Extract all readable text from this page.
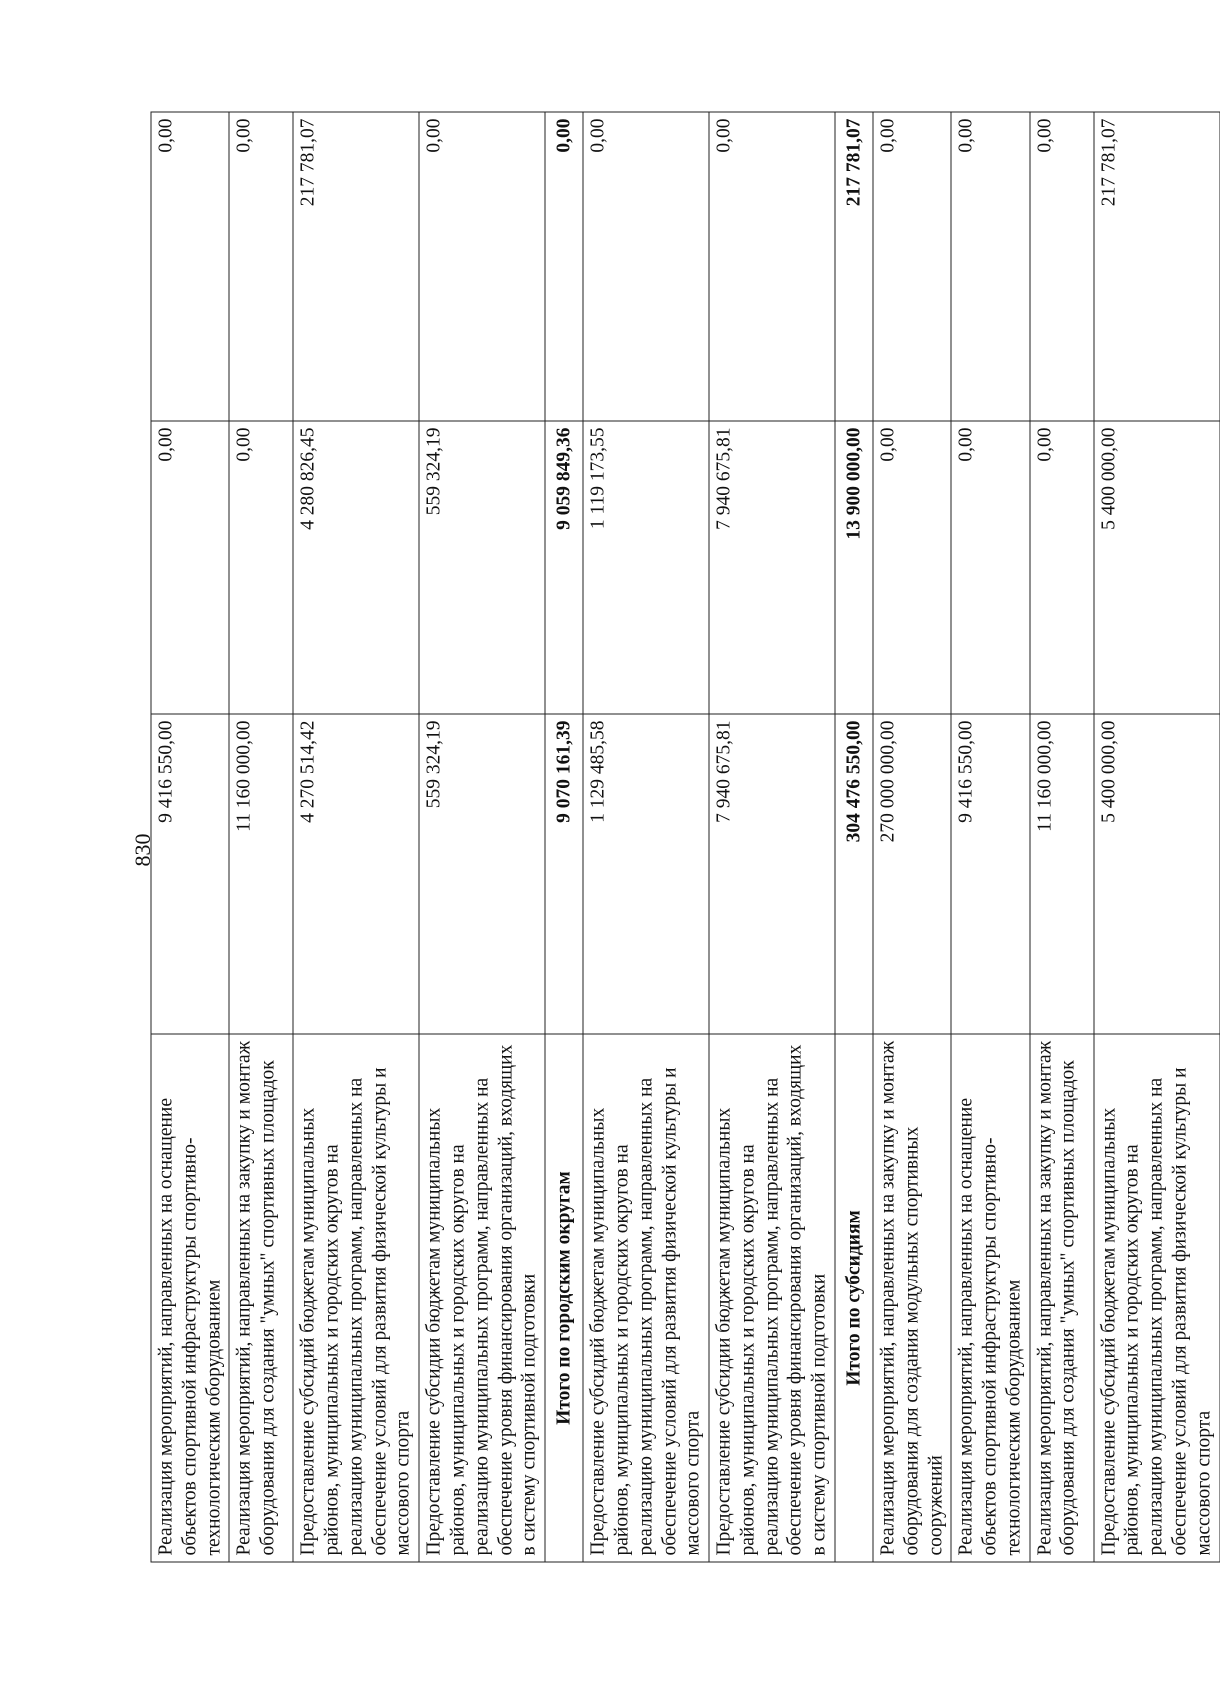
830
Реализация мероприятий, направленных на оснащение объектов спортивной инфраструктуры спортивно-технологическим оборудованием	9 416 550,00	0,00	0,00
Реализация мероприятий, направленных на закупку и монтаж оборудования для создания "умных" спортивных площадок	11 160 000,00	0,00	0,00
Предоставление субсидий бюджетам муниципальных районов, муниципальных и городских округов на реализацию муниципальных программ, направленных на обеспечение условий для развития физической культуры и массового спорта	4 270 514,42	4 280 826,45	217 781,07
Предоставление субсидии бюджетам муниципальных районов, муниципальных и городских округов на реализацию муниципальных программ, направленных на обеспечение уровня финансирования организаций, входящих в систему спортивной подготовки	559 324,19	559 324,19	0,00
Итого по городским округам	9 070 161,39	9 059 849,36	0,00
Предоставление субсидий бюджетам муниципальных районов, муниципальных и городских округов на реализацию муниципальных программ, направленных на обеспечение условий для развития физической культуры и массового спорта	1 129 485,58	1 119 173,55	0,00
Предоставление субсидии бюджетам муниципальных районов, муниципальных и городских округов на реализацию муниципальных программ, направленных на обеспечение уровня финансирования организаций, входящих в систему спортивной подготовки	7 940 675,81	7 940 675,81	0,00
Итого по субсидиям	304 476 550,00	13 900 000,00	217 781,07
Реализация мероприятий, направленных на закупку и монтаж оборудования для создания модульных спортивных сооружений	270 000 000,00	0,00	0,00
Реализация мероприятий, направленных на оснащение объектов спортивной инфраструктуры спортивно-технологическим оборудованием	9 416 550,00	0,00	0,00
Реализация мероприятий, направленных на закупку и монтаж оборудования для создания "умных" спортивных площадок	11 160 000,00	0,00	0,00
Предоставление субсидий бюджетам муниципальных районов, муниципальных и городских округов на реализацию муниципальных программ, направленных на обеспечение условий для развития физической культуры и массового спорта	5 400 000,00	5 400 000,00	217 781,07
